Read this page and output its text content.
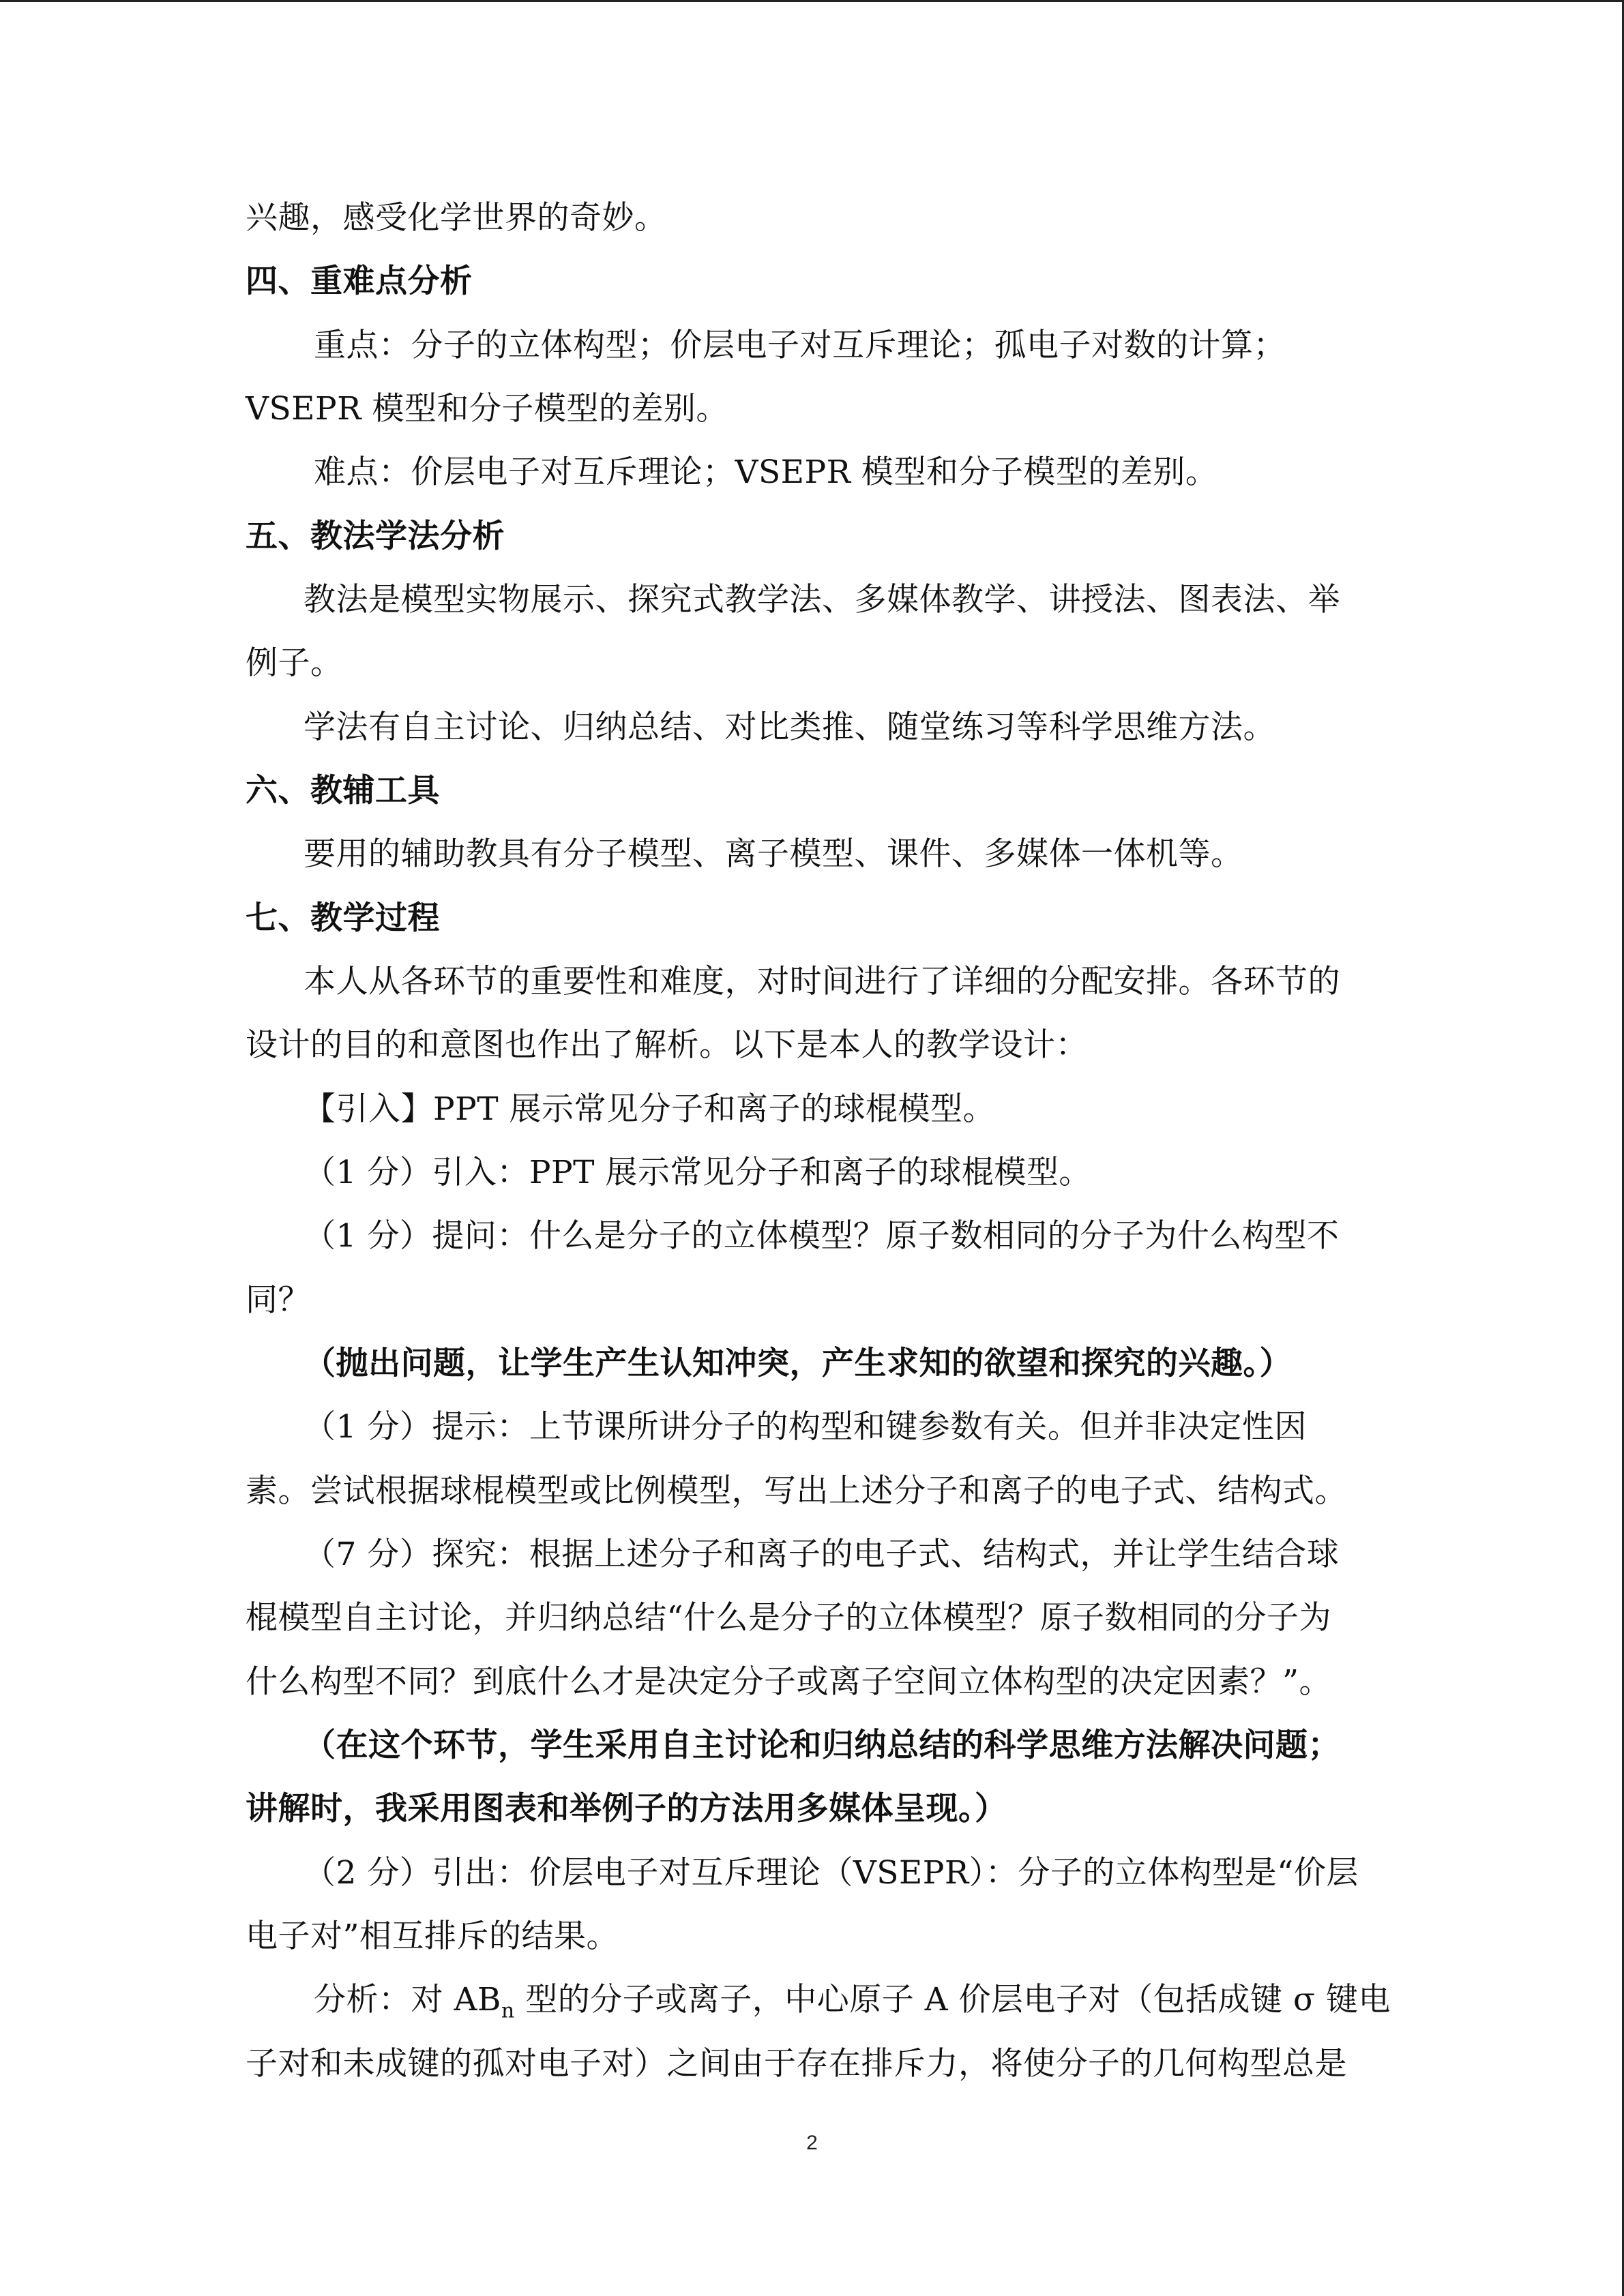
兴趣，感受化学世界的奇妙。
四、重难点分析
重点：分子的立体构型；价层电子对互斥理论；孤电子对数的计算；
VSEPR 模型和分子模型的差别。
难点：价层电子对互斥理论；VSEPR 模型和分子模型的差别。
五、教法学法分析
教法是模型实物展示、探究式教学法、多媒体教学、讲授法、图表法、举
例子。
学法有自主讨论、归纳总结、对比类推、随堂练习等科学思维方法。
六、教辅工具
要用的辅助教具有分子模型、离子模型、课件、多媒体一体机等。
七、教学过程
本人从各环节的重要性和难度，对时间进行了详细的分配安排。各环节的
设计的目的和意图也作出了解析。以下是本人的教学设计：
【引入】PPT 展示常见分子和离子的球棍模型。
（1 分）引入：PPT 展示常见分子和离子的球棍模型。
（1 分）提问：什么是分子的立体模型？原子数相同的分子为什么构型不
同？
（抛出问题，让学生产生认知冲突，产生求知的欲望和探究的兴趣。）
（1 分）提示：上节课所讲分子的构型和键参数有关。但并非决定性因
素。尝试根据球棍模型或比例模型，写出上述分子和离子的电子式、结构式。
（7 分）探究：根据上述分子和离子的电子式、结构式，并让学生结合球
棍模型自主讨论，并归纳总结“什么是分子的立体模型？原子数相同的分子为
什么构型不同？到底什么才是决定分子或离子空间立体构型的决定因素？”。
（在这个环节，学生采用自主讨论和归纳总结的科学思维方法解决问题；
讲解时，我采用图表和举例子的方法用多媒体呈现。）
（2 分）引出：价层电子对互斥理论（VSEPR）：分子的立体构型是“价层
电子对”相互排斥的结果。
分析：对 $AB_n$ 型的分子或离子，中心原子 A 价层电子对（包括成键 σ 键电
子对和未成键的孤对电子对）之间由于存在排斥力，将使分子的几何构型总是
2
